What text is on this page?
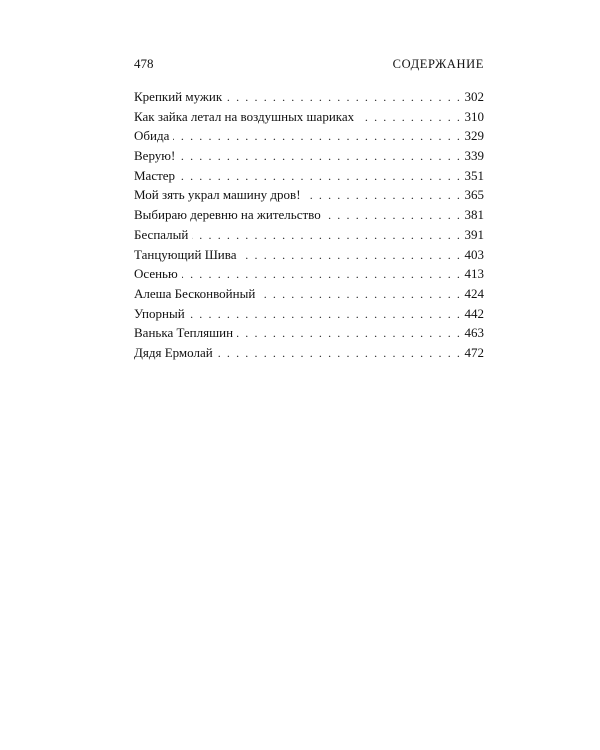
478	СОДЕРЖАНИЕ
Крепкий мужик . . .	302
Как зайка летал на воздушных шариках . . .	310
Обида . . .	329
Верую! . . .	339
Мастер . . .	351
Мой зять украл машину дров! . . .	365
Выбираю деревню на жительство . . .	381
Беспалый . . .	391
Танцующий Шива . . .	403
Осенью . . .	413
Алеша Бесконвойный . . .	424
Упорный . . .	442
Ванька Тепляшин . . .	463
Дядя Ермолай . . .	472
